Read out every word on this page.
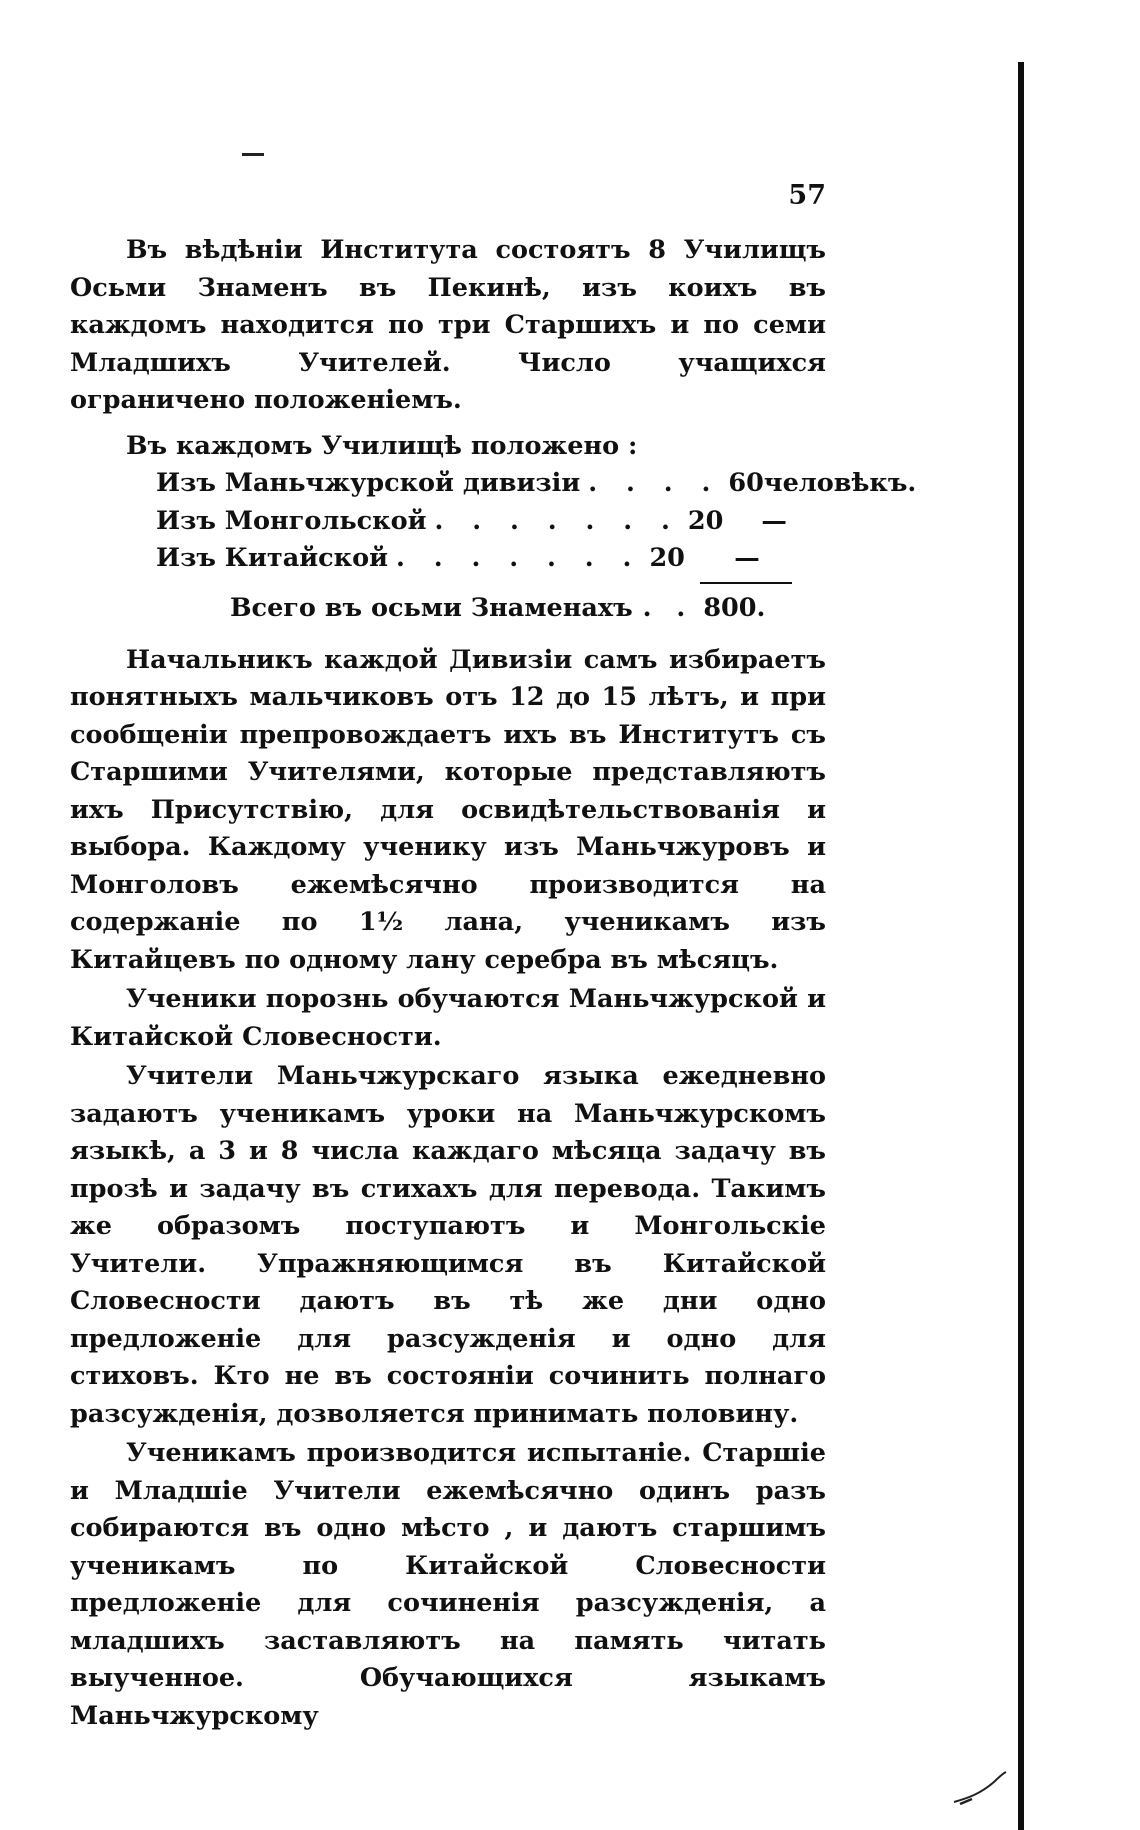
57

Въ вѣдѣніи Института состоятъ 8 Училищъ Осьми Знаменъ въ Пекинѣ, изъ коихъ въ каждомъ находится по три Старшихъ и по семи Младшихъ Учителей. Число учащихся ограничено положеніемъ.

Въ каждомъ Училищѣ положено :

Изъ Маньчжурской дивизіи . . . . 60 человѣкъ.
Изъ Монгольской . . . . . . . 20	—
Изъ Китайской . . . . . . . 20	—
Всего въ осьми Знаменахъ . . 800.

Начальникъ каждой Дивизіи самъ избираетъ понятныхъ мальчиковъ отъ 12 до 15 лѣтъ, и при сообщеніи препровождаетъ ихъ въ Институтъ съ Старшими Учителями, которые представляютъ ихъ Присутствію, для освидѣтельствованія и выбора. Каждому ученику изъ Маньчжуровъ и Монголовъ ежемѣсячно производится на содержаніе по 1½ лана, ученикамъ изъ Китайцевъ по одному лану серебра въ мѣсяцъ.

Ученики порознь обучаются Маньчжурской и Китайской Словесности.

Учители Маньчжурскаго языка ежедневно задаютъ ученикамъ уроки на Маньчжурскомъ языкѣ, а 3 и 8 числа каждаго мѣсяца задачу въ прозѣ и задачу въ стихахъ для перевода. Такимъ же образомъ поступаютъ и Монгольскіе Учители. Упражняющимся въ Китайской Словесности даютъ въ тѣ же дни одно предложеніе для разсужденія и одно для стиховъ. Кто не въ состояніи сочинить полнаго разсужденія, дозволяется принимать половину.

Ученикамъ производится испытаніе. Старшіе и Младшіе Учители ежемѣсячно одинъ разъ собираются въ одно мѣсто , и даютъ старшимъ ученикамъ по Китайской Словесности предложеніе для сочиненія разсужденія, а младшихъ заставляютъ на память читать выученное. Обучающихся языкамъ Маньчжурскому
